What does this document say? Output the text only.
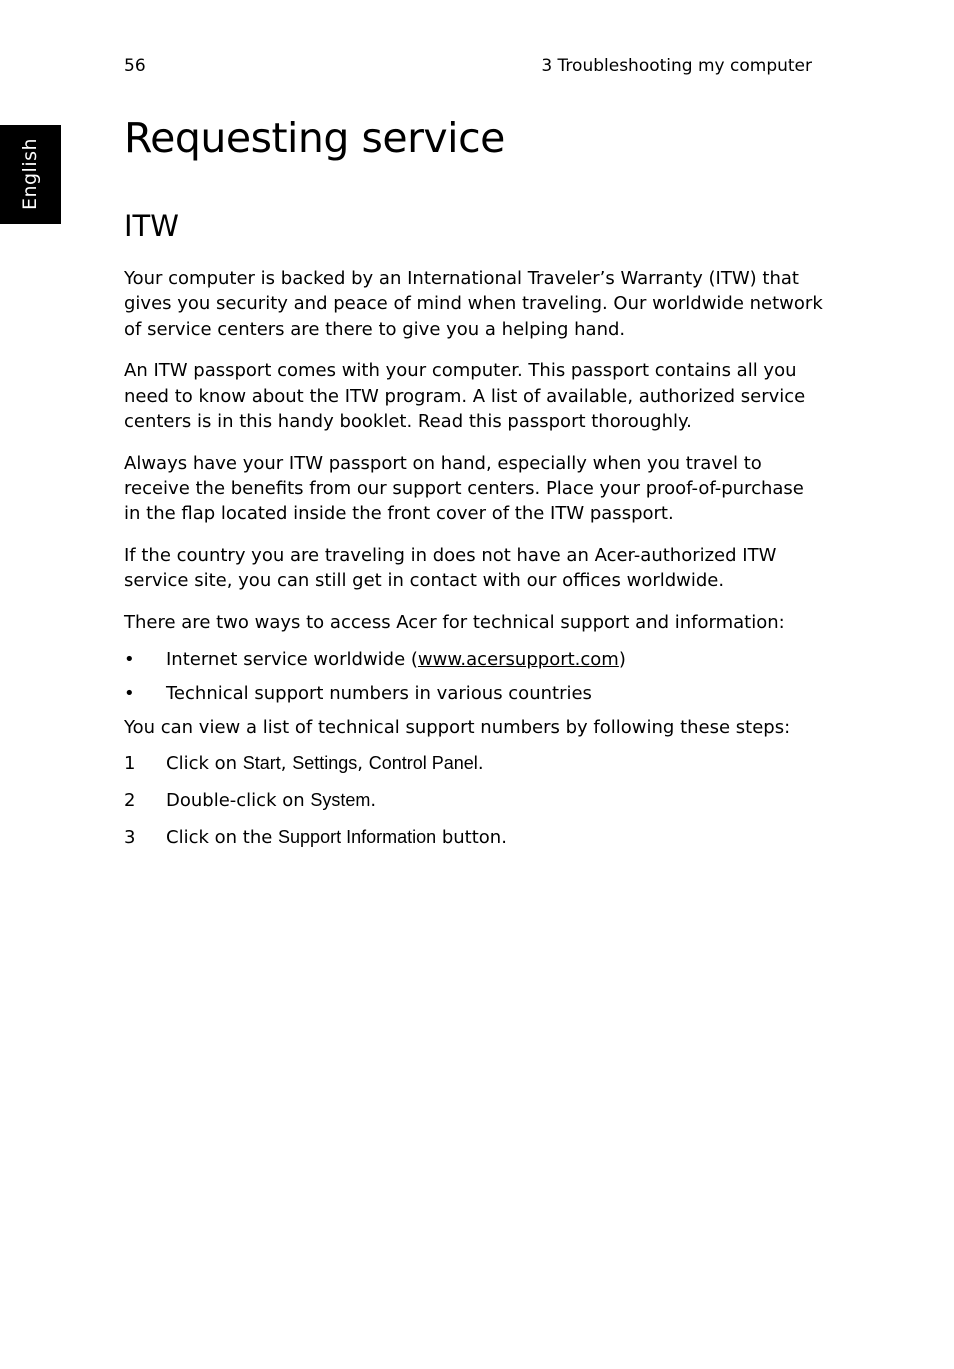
56	3 Troubleshooting my computer
English Requesting service
ITW

Your computer is backed by an International Traveler’s Warranty (ITW) that gives you security and peace of mind when traveling. Our worldwide network of service centers are there to give you a helping hand.

An ITW passport comes with your computer. This passport contains all you need to know about the ITW program. A list of available, authorized service centers is in this handy booklet. Read this passport thoroughly.

Always have your ITW passport on hand, especially when you travel to receive the benefits from our support centers. Place your proof-of-purchase in the flap located inside the front cover of the ITW passport.

If the country you are traveling in does not have an Acer-authorized ITW service site, you can still get in contact with our offices worldwide.

There are two ways to access Acer for technical support and information:

• Internet service worldwide (www.acersupport.com)
• Technical support numbers in various countries

You can view a list of technical support numbers by following these steps:

1 Click on Start, Settings, Control Panel.
2 Double-click on System.
3 Click on the Support Information button.
